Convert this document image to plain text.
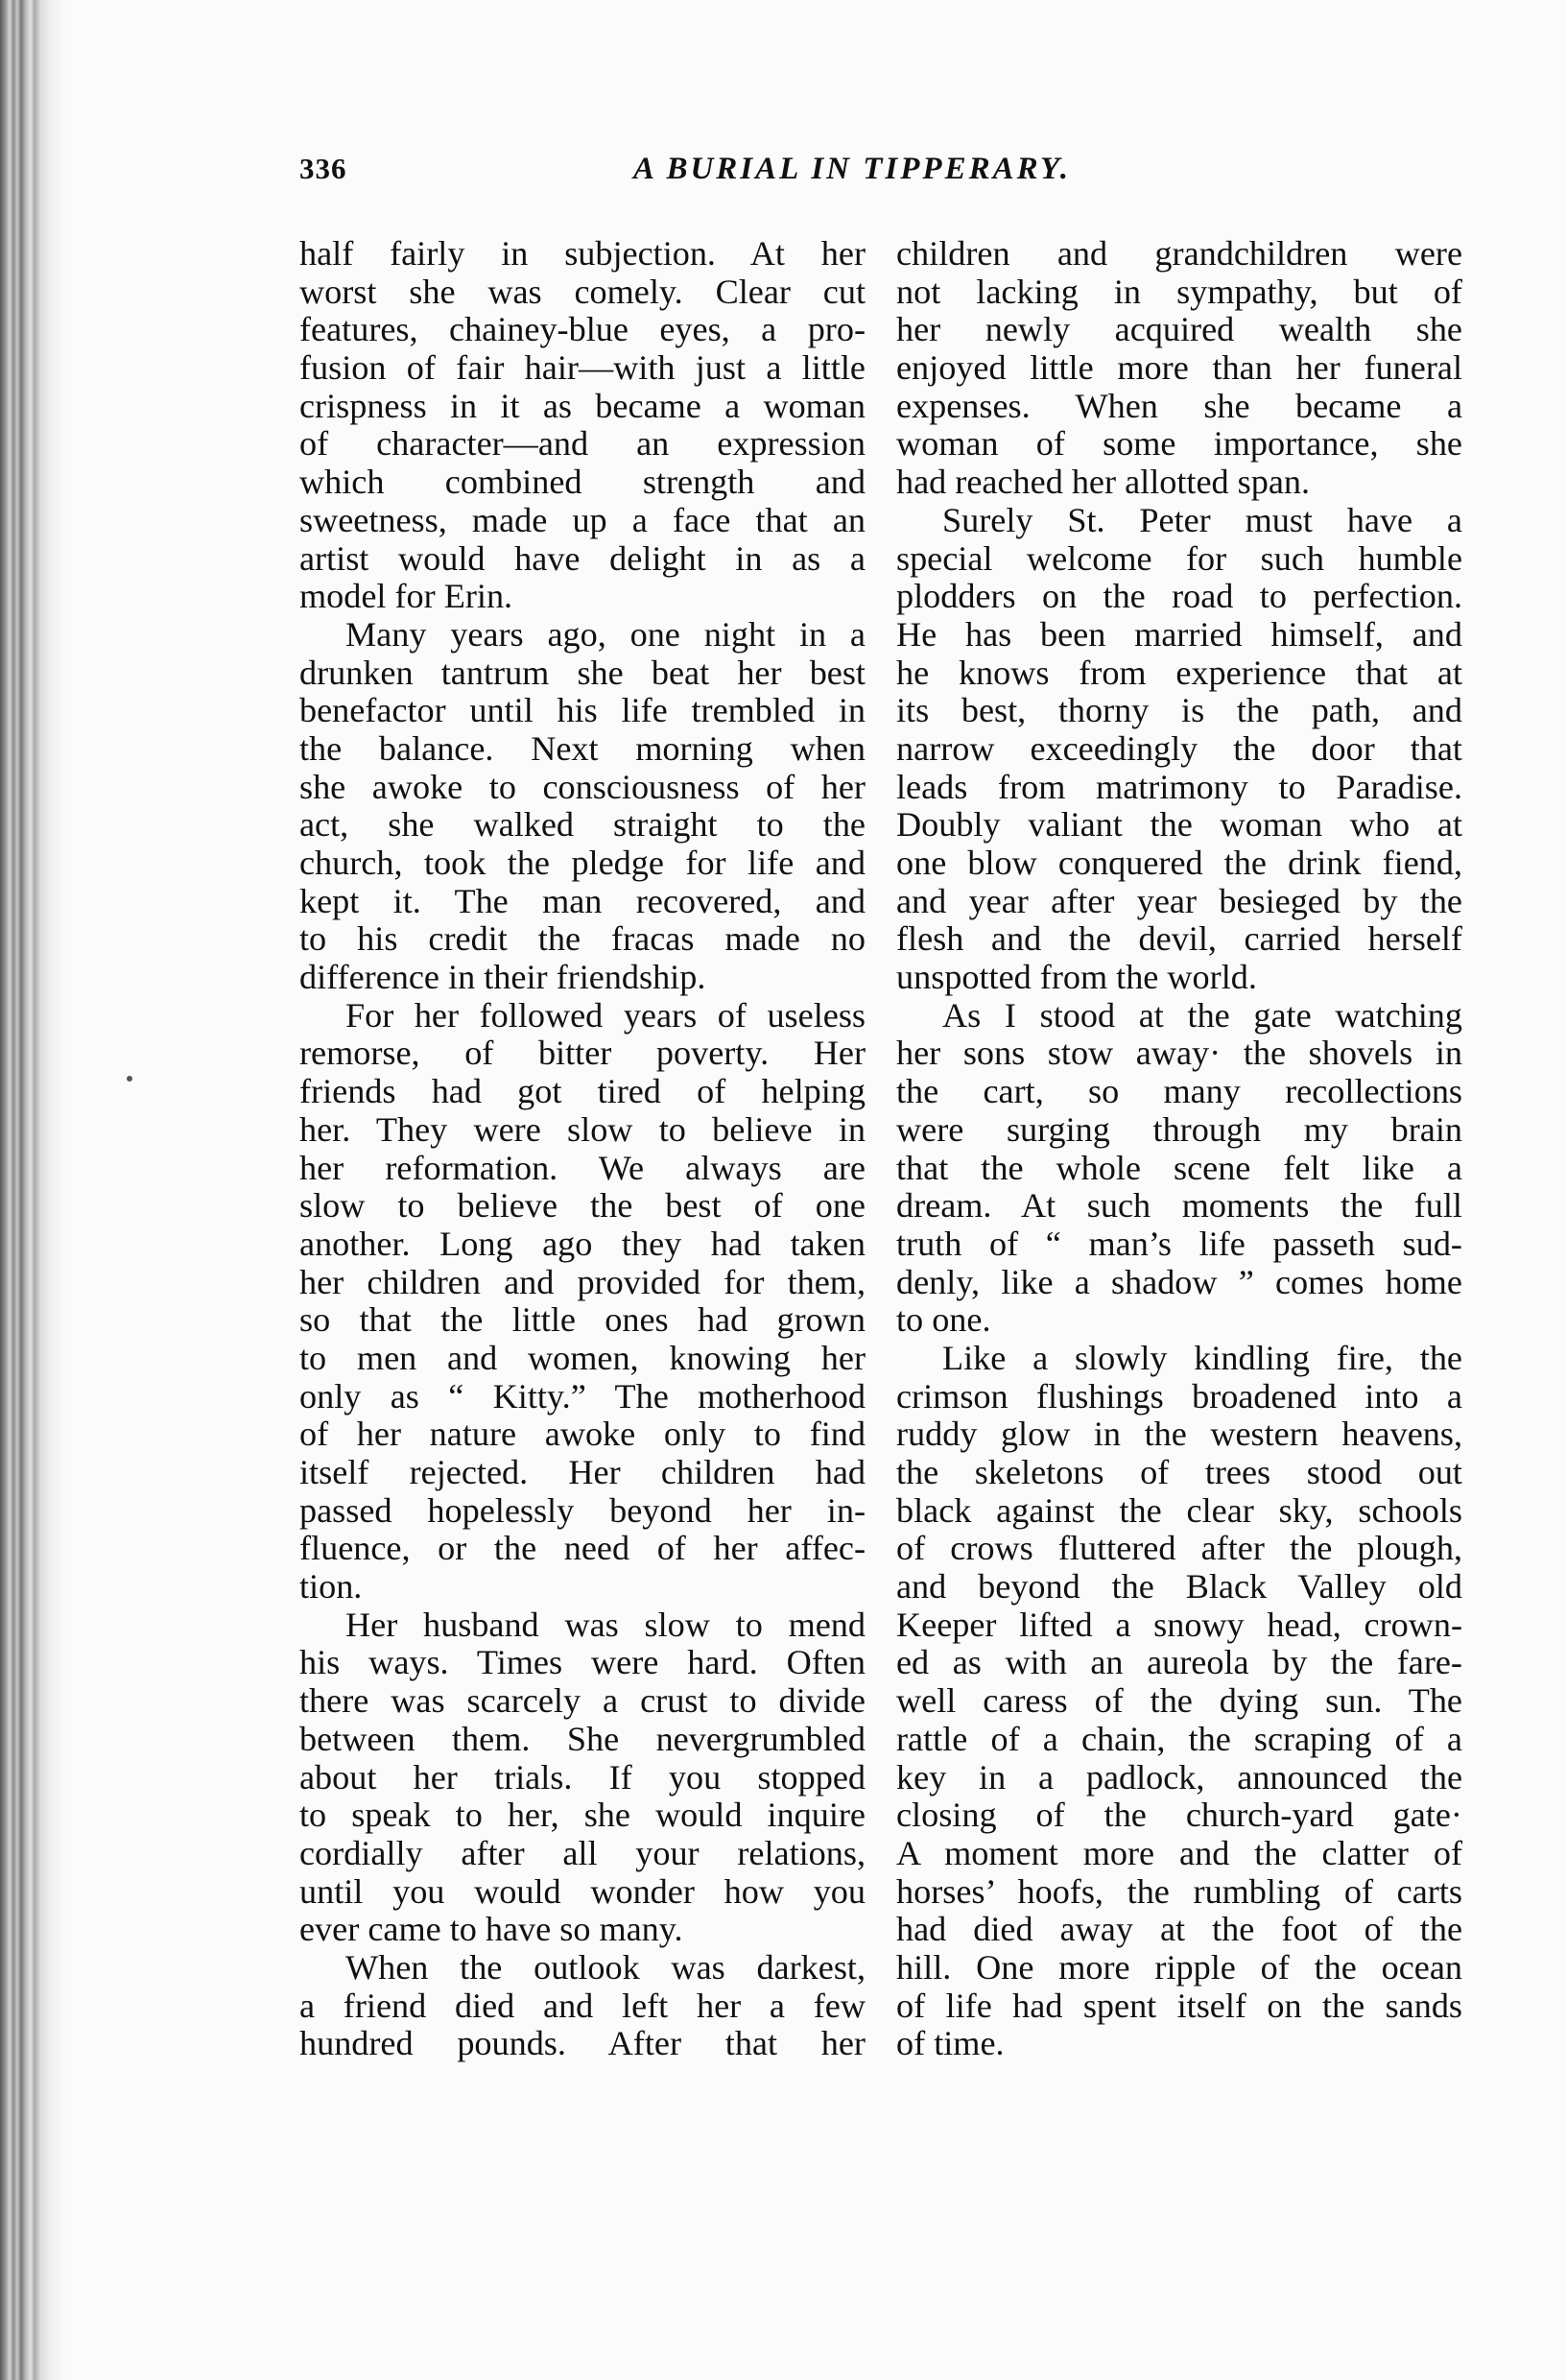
336	A BURIAL IN TIPPERARY.
half fairly in subjection. At her
worst she was comely. Clear cut
features, chainey-blue eyes, a pro-
fusion of fair hair—with just a little
crispness in it as became a woman
of character—and an expression
which combined strength and
sweetness, made up a face that an
artist would have delight in as a
model for Erin.
Many years ago, one night in a
drunken tantrum she beat her best
benefactor until his life trembled in
the balance. Next morning when
she awoke to consciousness of her
act, she walked straight to the
church, took the pledge for life and
kept it. The man recovered, and
to his credit the fracas made no
difference in their friendship.
For her followed years of useless
remorse, of bitter poverty. Her
friends had got tired of helping
her. They were slow to believe in
her reformation. We always are
slow to believe the best of one
another. Long ago they had taken
her children and provided for them,
so that the little ones had grown
to men and women, knowing her
only as “ Kitty.” The motherhood
of her nature awoke only to find
itself rejected. Her children had
passed hopelessly beyond her in-
fluence, or the need of her affec-
tion.
Her husband was slow to mend
his ways. Times were hard. Often
there was scarcely a crust to divide
between them. She nevergrumbled
about her trials. If you stopped
to speak to her, she would inquire
cordially after all your relations,
until you would wonder how you
ever came to have so many.
When the outlook was darkest,
a friend died and left her a few
hundred pounds. After that her
children and grandchildren were
not lacking in sympathy, but of
her newly acquired wealth she
enjoyed little more than her funeral
expenses. When she became a
woman of some importance, she
had reached her allotted span.
Surely St. Peter must have a
special welcome for such humble
plodders on the road to perfection.
He has been married himself, and
he knows from experience that at
its best, thorny is the path, and
narrow exceedingly the door that
leads from matrimony to Paradise.
Doubly valiant the woman who at
one blow conquered the drink fiend,
and year after year besieged by the
flesh and the devil, carried herself
unspotted from the world.
As I stood at the gate watching
her sons stow away· the shovels in
the cart, so many recollections
were surging through my brain
that the whole scene felt like a
dream. At such moments the full
truth of “ man’s life passeth sud-
denly, like a shadow ” comes home
to one.
Like a slowly kindling fire, the
crimson flushings broadened into a
ruddy glow in the western heavens,
the skeletons of trees stood out
black against the clear sky, schools
of crows fluttered after the plough,
and beyond the Black Valley old
Keeper lifted a snowy head, crown-
ed as with an aureola by the fare-
well caress of the dying sun. The
rattle of a chain, the scraping of a
key in a padlock, announced the
closing of the church-yard gate·
A moment more and the clatter of
horses’ hoofs, the rumbling of carts
had died away at the foot of the
hill. One more ripple of the ocean
of life had spent itself on the sands
of time.
